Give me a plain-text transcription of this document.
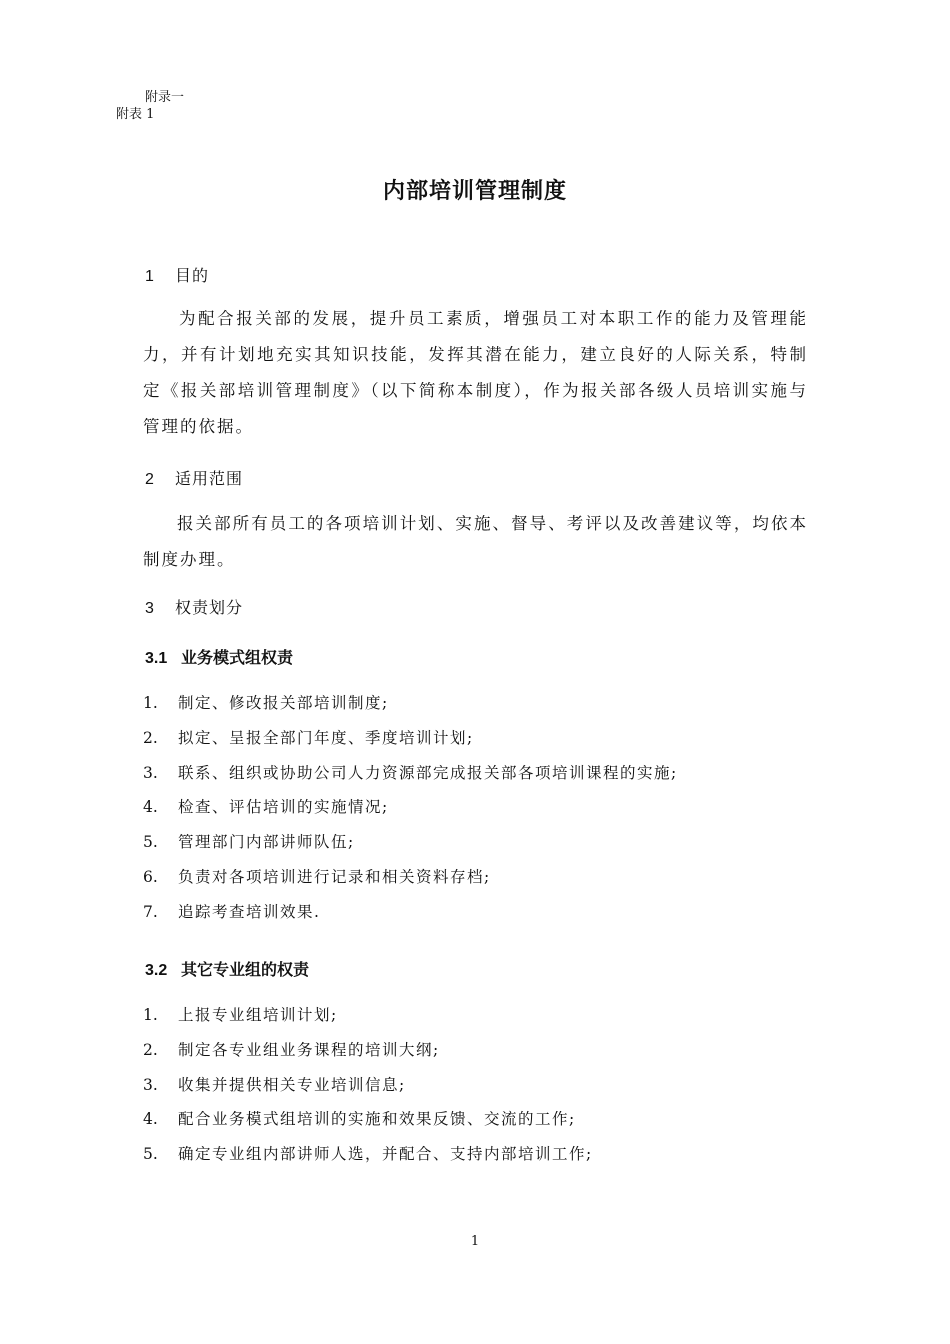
附录一
附表 1
内部培训管理制度
1 目的
为配合报关部的发展，提升员工素质，增强员工对本职工作的能力及管理能力，并有计划地充实其知识技能，发挥其潜在能力，建立良好的人际关系，特制定《报关部培训管理制度》（以下简称本制度），作为报关部各级人员培训实施与管理的依据。
2 适用范围
报关部所有员工的各项培训计划、实施、督导、考评以及改善建议等，均依本制度办理。
3 权责划分
3.1 业务模式组权责
1. 制定、修改报关部培训制度;
2. 拟定、呈报全部门年度、季度培训计划;
3. 联系、组织或协助公司人力资源部完成报关部各项培训课程的实施;
4. 检查、评估培训的实施情况;
5. 管理部门内部讲师队伍;
6. 负责对各项培训进行记录和相关资料存档;
7. 追踪考查培训效果.
3.2 其它专业组的权责
1. 上报专业组培训计划;
2. 制定各专业组业务课程的培训大纲;
3. 收集并提供相关专业培训信息;
4. 配合业务模式组培训的实施和效果反馈、交流的工作;
5. 确定专业组内部讲师人选，并配合、支持内部培训工作;
1
